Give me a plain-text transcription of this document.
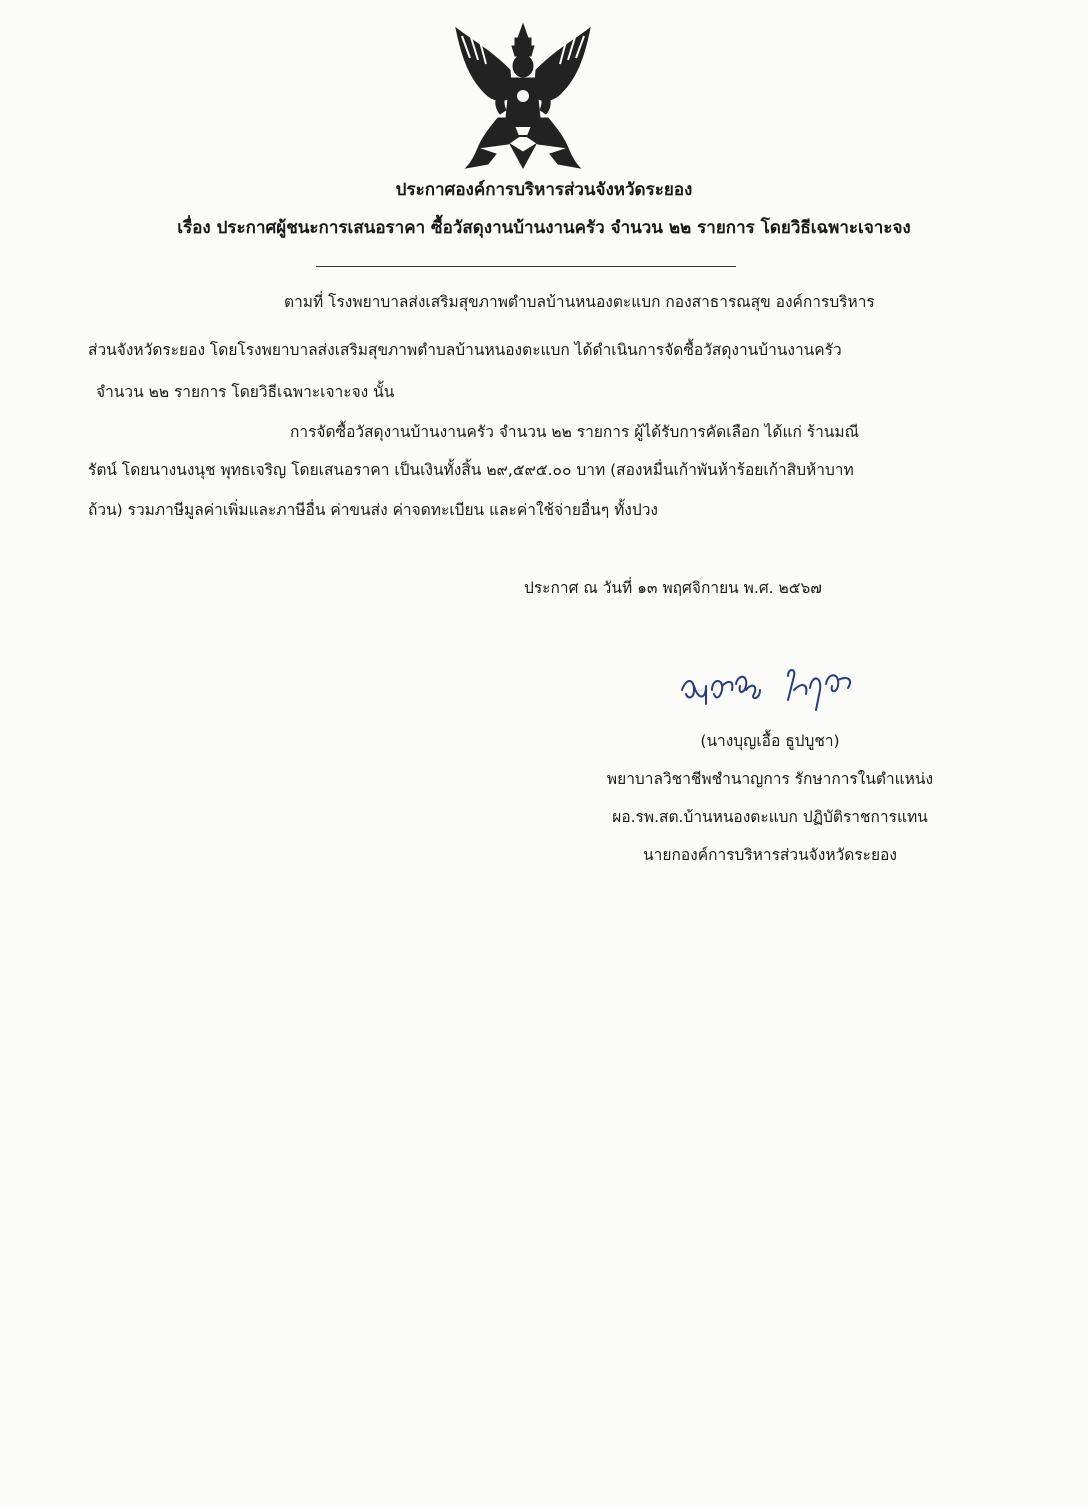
ประกาศองค์การบริหารส่วนจังหวัดระยอง
เรื่อง ประกาศผู้ชนะการเสนอราคา ซื้อวัสดุงานบ้านงานครัว จำนวน ๒๒ รายการ โดยวิธีเฉพาะเจาะจง
ตามที่ โรงพยาบาลส่งเสริมสุขภาพตำบลบ้านหนองตะแบก กองสาธารณสุข องค์การบริหาร
ส่วนจังหวัดระยอง โดยโรงพยาบาลส่งเสริมสุขภาพตำบลบ้านหนองตะแบก ได้ดำเนินการจัดซื้อวัสดุงานบ้านงานครัว
จำนวน ๒๒ รายการ โดยวิธีเฉพาะเจาะจง นั้น
การจัดซื้อวัสดุงานบ้านงานครัว จำนวน ๒๒ รายการ ผู้ได้รับการคัดเลือก ได้แก่ ร้านมณี
รัตน์ โดยนางนงนุช พุทธเจริญ โดยเสนอราคา เป็นเงินทั้งสิ้น ๒๙,๕๙๕.๐๐ บาท (สองหมื่นเก้าพันห้าร้อยเก้าสิบห้าบาท
ถ้วน) รวมภาษีมูลค่าเพิ่มและภาษีอื่น ค่าขนส่ง ค่าจดทะเบียน และค่าใช้จ่ายอื่นๆ ทั้งปวง
ประกาศ ณ วันที่ ๑๓ พฤศจิกายน พ.ศ. ๒๕๖๗
(นางบุญเอื้อ ธูปบูชา)
พยาบาลวิชาชีพชำนาญการ รักษาการในตำแหน่ง
ผอ.รพ.สต.บ้านหนองตะแบก ปฏิบัติราชการแทน
นายกองค์การบริหารส่วนจังหวัดระยอง
